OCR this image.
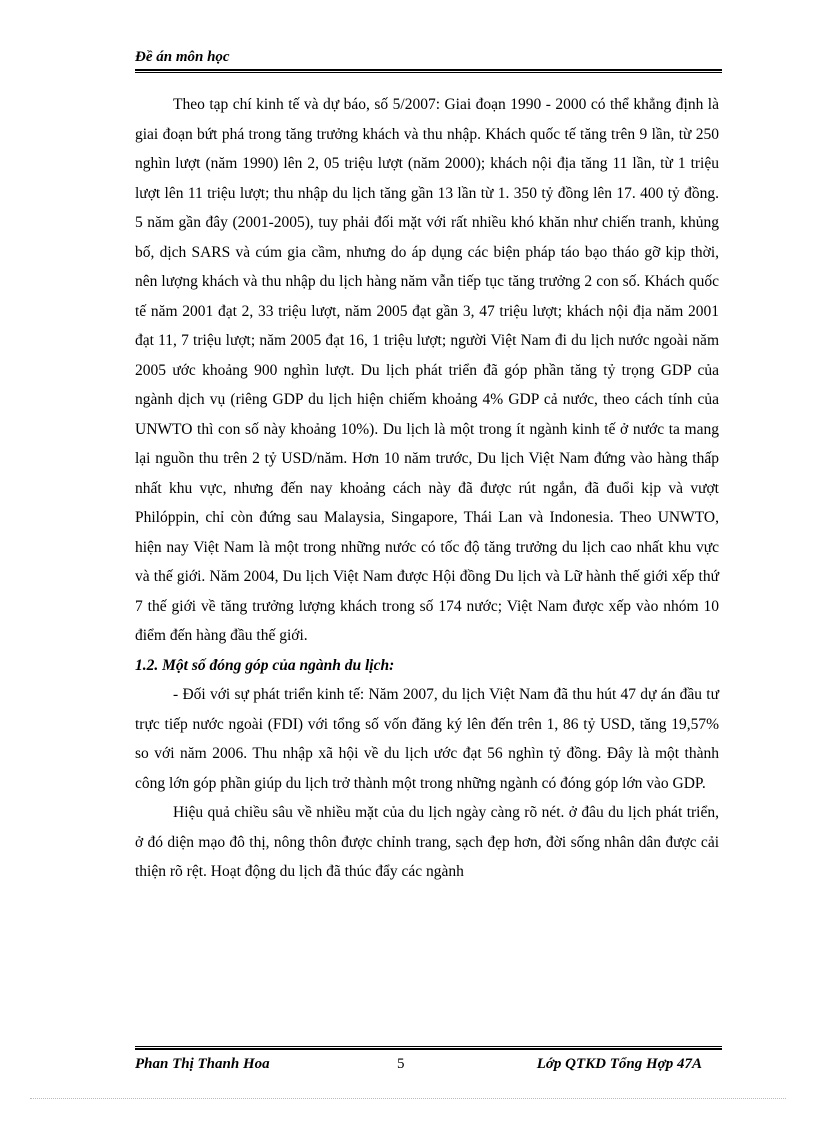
Đề án môn học

Theo tạp chí kinh tế và dự báo, số 5/2007: Giai đoạn 1990 - 2000 có thể khẳng định là giai đoạn bứt phá trong tăng trưởng khách và thu nhập. Khách quốc tế tăng trên 9 lần, từ 250 nghìn lượt (năm 1990) lên 2, 05 triệu lượt (năm 2000); khách nội địa tăng 11 lần, từ 1 triệu lượt lên 11 triệu lượt; thu nhập du lịch tăng gần 13 lần từ 1. 350 tỷ đồng lên 17. 400 tỷ đồng. 5 năm gần đây (2001-2005), tuy phải đối mặt với rất nhiều khó khăn như chiến tranh, khủng bố, dịch SARS và cúm gia cầm, nhưng do áp dụng các biện pháp táo bạo tháo gỡ kịp thời, nên lượng khách và thu nhập du lịch hàng năm vẫn tiếp tục tăng trưởng 2 con số. Khách quốc tế năm 2001 đạt 2, 33 triệu lượt, năm 2005 đạt gần 3, 47 triệu lượt; khách nội địa năm 2001 đạt 11, 7 triệu lượt; năm 2005 đạt 16, 1 triệu lượt; người Việt Nam đi du lịch nước ngoài năm 2005 ước khoảng 900 nghìn lượt. Du lịch phát triển đã góp phần tăng tỷ trọng GDP của ngành dịch vụ (riêng GDP du lịch hiện chiếm khoảng 4% GDP cả nước, theo cách tính của UNWTO thì con số này khoảng 10%). Du lịch là một trong ít ngành kinh tế ở nước ta mang lại nguồn thu trên 2 tỷ USD/năm. Hơn 10 năm trước, Du lịch Việt Nam đứng vào hàng thấp nhất khu vực, nhưng đến nay khoảng cách này đã được rút ngắn, đã đuổi kịp và vượt Philóppin, chỉ còn đứng sau Malaysia, Singapore, Thái Lan và Indonesia. Theo UNWTO, hiện nay Việt Nam là một trong những nước có tốc độ tăng trưởng du lịch cao nhất khu vực và thế giới. Năm 2004, Du lịch Việt Nam được Hội đồng Du lịch và Lữ hành thế giới xếp thứ 7 thế giới về tăng trưởng lượng khách trong số 174 nước; Việt Nam được xếp vào nhóm 10 điểm đến hàng đầu thế giới.

1.2. Một số đóng góp của ngành du lịch:

- Đối với sự phát triển kinh tế: Năm 2007, du lịch Việt Nam đã thu hút 47 dự án đầu tư trực tiếp nước ngoài (FDI) với tổng số vốn đăng ký lên đến trên 1, 86 tỷ USD, tăng 19,57% so với năm 2006. Thu nhập xã hội về du lịch ước đạt 56 nghìn tỷ đồng. Đây là một thành công lớn góp phần giúp du lịch trở thành một trong những ngành có đóng góp lớn vào GDP.

Hiệu quả chiều sâu về nhiều mặt của du lịch ngày càng rõ nét. ở đâu du lịch phát triển, ở đó diện mạo đô thị, nông thôn được chỉnh trang, sạch đẹp hơn, đời sống nhân dân được cải thiện rõ rệt. Hoạt động du lịch đã thúc đẩy các ngành

Phan Thị Thanh Hoa	5	Lớp QTKD Tổng Hợp 47A
